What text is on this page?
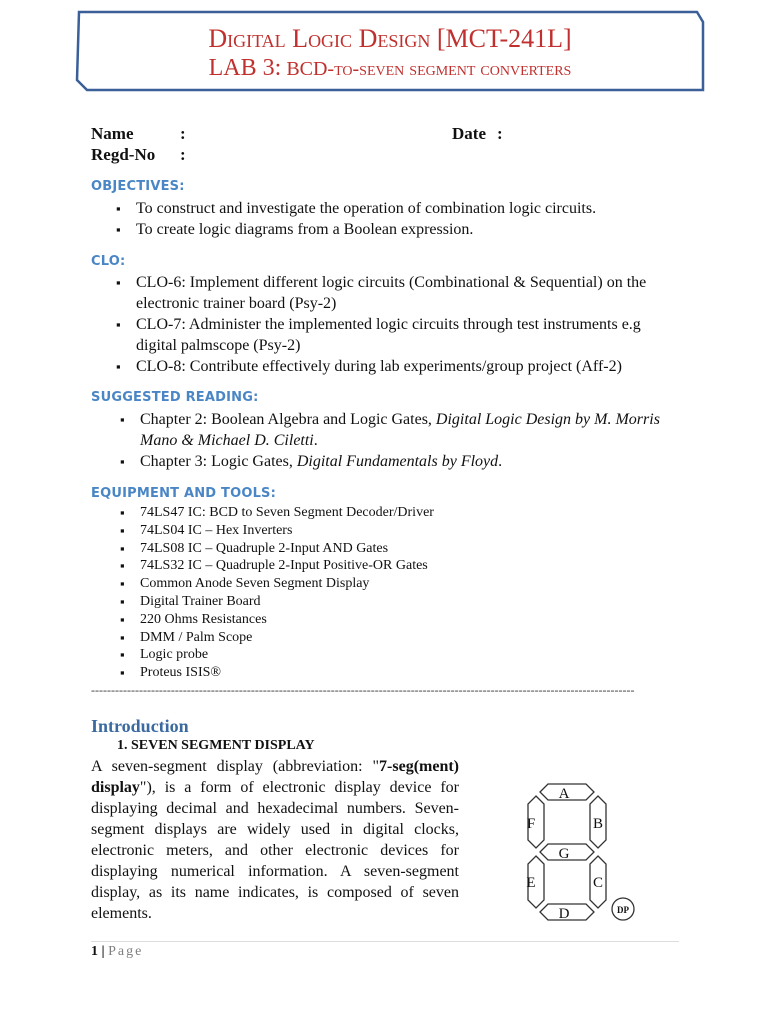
Digital Logic Design [MCT-241L]
LAB 3: BCD-to-seven segment converters
Name	:
Regd-No :
Date :
OBJECTIVES:
▪ To construct and investigate the operation of combination logic circuits.
▪ To create logic diagrams from a Boolean expression.
CLO:
▪ CLO-6: Implement different logic circuits (Combinational & Sequential) on the electronic trainer board (Psy-2)
▪ CLO-7: Administer the implemented logic circuits through test instruments e.g digital palmscope (Psy-2)
▪ CLO-8: Contribute effectively during lab experiments/group project (Aff-2)
SUGGESTED READING:
▪ Chapter 2: Boolean Algebra and Logic Gates, Digital Logic Design by M. Morris Mano & Michael D. Ciletti.
▪ Chapter 3: Logic Gates, Digital Fundamentals by Floyd.
EQUIPMENT AND TOOLS:
▪ 74LS47 IC: BCD to Seven Segment Decoder/Driver
▪ 74LS04 IC – Hex Inverters
▪ 74LS08 IC – Quadruple 2-Input AND Gates
▪ 74LS32 IC – Quadruple 2-Input Positive-OR Gates
▪ Common Anode Seven Segment Display
▪ Digital Trainer Board
▪ 220 Ohms Resistances
▪ DMM / Palm Scope
▪ Logic probe
▪ Proteus ISIS®
----------------------------------------------------------------------------------------------------------------------------------------
Introduction
1. SEVEN SEGMENT DISPLAY
A seven-segment display (abbreviation: "7-seg(ment) display"), is a form of electronic display device for displaying decimal and hexadecimal numbers. Seven-segment displays are widely used in digital clocks, electronic meters, and other electronic devices for displaying numerical information. A seven-segment display, as its name indicates, is composed of seven elements.
A
B
C
D
E
F
G
DP
1 | Page
